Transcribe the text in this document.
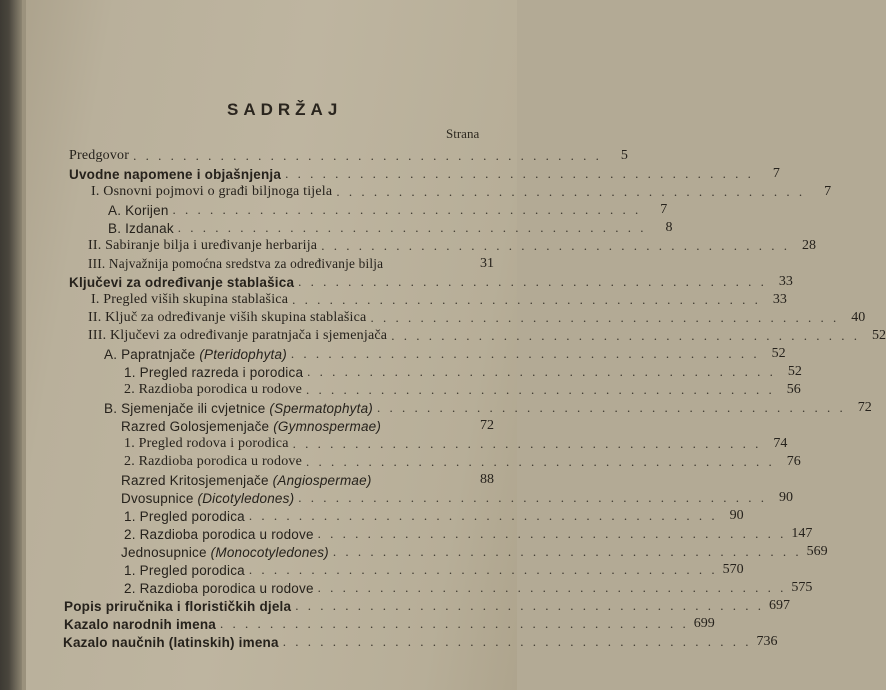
SADRŽAJ
Strana
Predgovor . . . . . . . . . . . . . . . . . . . . . . . . . . . . . . . . . . . . . .	5
Uvodne napomene i objašnjenja . . . . . . . . . . . . . . . . . . . . . . . . . . . . . . . . . . . . . .	7
I. Osnovni pojmovi o građi biljnoga tijela . . . . . . . . . . . . . . . . . . . . . . . . . . . . . . . . . . . . . .	7
A. Korijen . . . . . . . . . . . . . . . . . . . . . . . . . . . . . . . . . . . . . .	7
B. Izdanak . . . . . . . . . . . . . . . . . . . . . . . . . . . . . . . . . . . . . .	8
II. Sabiranje bilja i uređivanje herbarija . . . . . . . . . . . . . . . . . . . . . . . . . . . . . . . . . . . . . . 28
III. Najvažnija pomoćna sredstva za određivanje bilja	31
Ključevi za određivanje stablašica . . . . . . . . . . . . . . . . . . . . . . . . . . . . . . . . . . . . . . 33
I. Pregled viših skupina stablašica . . . . . . . . . . . . . . . . . . . . . . . . . . . . . . . . . . . . . . 33
II. Ključ za određivanje viših skupina stablašica . . . . . . . . . . . . . . . . . . . . . . . . . . . . . . . . . . . . . . 40
III. Ključevi za određivanje paratnjača i sjemenjača . . . . . . . . . . . . . . . . . . . . . . . . . . . . . . . . . . . . . . 52
A. Papratnjače (Pteridophyta) . . . . . . . . . . . . . . . . . . . . . . . . . . . . . . . . . . . . . . 52
1. Pregled razreda i porodica . . . . . . . . . . . . . . . . . . . . . . . . . . . . . . . . . . . . . . 52
2. Razdioba porodica u rodove . . . . . . . . . . . . . . . . . . . . . . . . . . . . . . . . . . . . . . 56
B. Sjemenjače ili cvjetnice (Spermatophyta) . . . . . . . . . . . . . . . . . . . . . . . . . . . . . . . . . . . . . . 72
Razred Golosjemenjače (Gymnospermae)	72
1. Pregled rodova i porodica . . . . . . . . . . . . . . . . . . . . . . . . . . . . . . . . . . . . . . 74
2. Razdioba porodica u rodove . . . . . . . . . . . . . . . . . . . . . . . . . . . . . . . . . . . . . . 76
Razred Kritosjemenjače (Angiospermae)	88
Dvosupnice (Dicotyledones) . . . . . . . . . . . . . . . . . . . . . . . . . . . . . . . . . . . . . . 90
1. Pregled porodica . . . . . . . . . . . . . . . . . . . . . . . . . . . . . . . . . . . . . . 90
2. Razdioba porodica u rodove . . . . . . . . . . . . . . . . . . . . . . . . . . . . . . . . . . . . . . 147
Jednosupnice (Monocotyledones) . . . . . . . . . . . . . . . . . . . . . . . . . . . . . . . . . . . . . . 569
1. Pregled porodica . . . . . . . . . . . . . . . . . . . . . . . . . . . . . . . . . . . . . . 570
2. Razdioba porodica u rodove . . . . . . . . . . . . . . . . . . . . . . . . . . . . . . . . . . . . . . 575
Popis priručnika i florističkih djela . . . . . . . . . . . . . . . . . . . . . . . . . . . . . . . . . . . . . . 697
Kazalo narodnih imena . . . . . . . . . . . . . . . . . . . . . . . . . . . . . . . . . . . . . . 699
Kazalo naučnih (latinskih) imena . . . . . . . . . . . . . . . . . . . . . . . . . . . . . . . . . . . . . . 736
